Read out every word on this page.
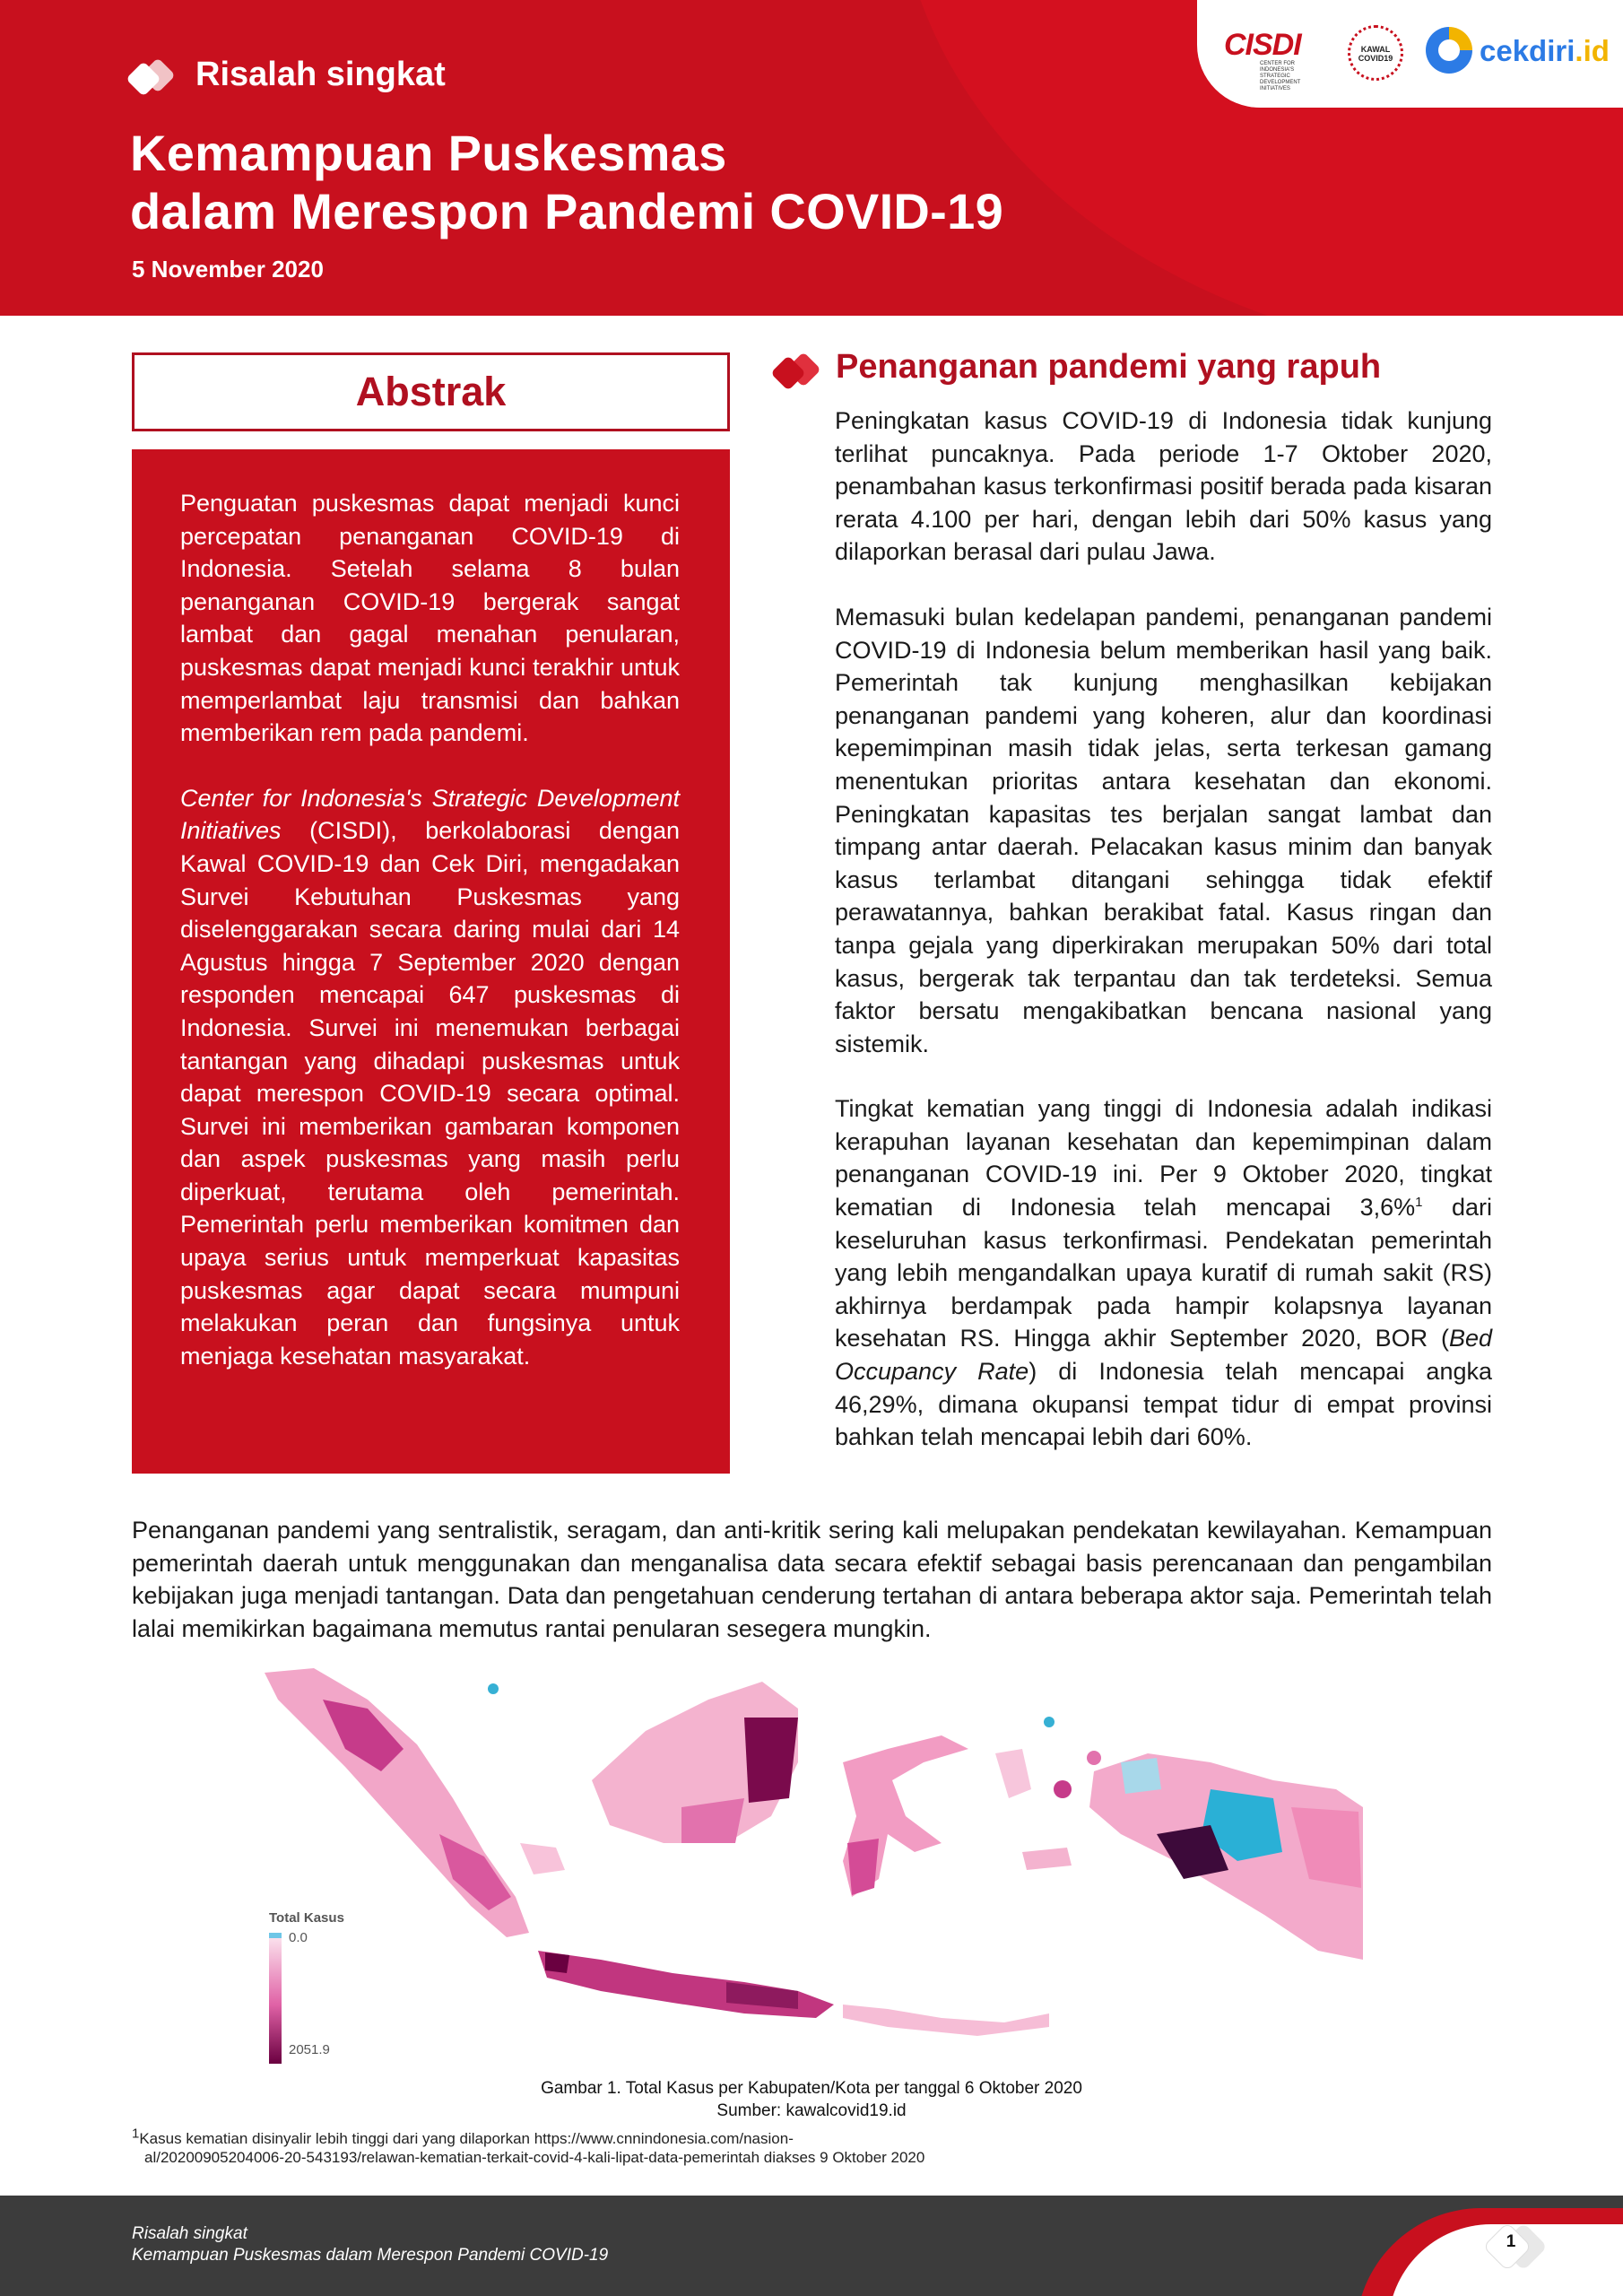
CISDI
CENTER FOR INDONESIA'S STRATEGIC DEVELOPMENT INITIATIVES
KAWAL COVID19	cekdiri.id
Risalah singkat
Kemampuan Puskesmas
dalam Merespon Pandemi COVID-19
5 November 2020
Abstrak

Penguatan puskesmas dapat menjadi kunci percepatan penanganan COVID-19 di Indonesia. Setelah selama 8 bulan penanganan COVID-19 bergerak sangat lambat dan gagal menahan penularan, puskesmas dapat menjadi kunci terakhir untuk memperlambat laju transmisi dan bahkan memberikan rem pada pandemi.

Center for Indonesia's Strategic Development Initiatives (CISDI), berkolaborasi dengan Kawal COVID-19 dan Cek Diri, mengadakan Survei Kebutuhan Puskesmas yang diselenggarakan secara daring mulai dari 14 Agustus hingga 7 September 2020 dengan responden mencapai 647 puskesmas di Indonesia. Survei ini menemukan berbagai tantangan yang dihadapi puskesmas untuk dapat merespon COVID-19 secara optimal. Survei ini memberikan gambaran komponen dan aspek puskesmas yang masih perlu diperkuat, terutama oleh pemerintah. Pemerintah perlu memberikan komitmen dan upaya serius untuk memperkuat kapasitas puskesmas agar dapat secara mumpuni melakukan peran dan fungsinya untuk menjaga kesehatan masyarakat.

Penanganan pandemi yang rapuh

Peningkatan kasus COVID-19 di Indonesia tidak kunjung terlihat puncaknya. Pada periode 1-7 Oktober 2020, penambahan kasus terkonfirmasi positif berada pada kisaran rerata 4.100 per hari, dengan lebih dari 50% kasus yang dilaporkan berasal dari pulau Jawa.

Memasuki bulan kedelapan pandemi, penanganan pandemi COVID-19 di Indonesia belum memberikan hasil yang baik. Pemerintah tak kunjung menghasilkan kebijakan penanganan pandemi yang koheren, alur dan koordinasi kepemimpinan masih tidak jelas, serta terkesan gamang menentukan prioritas antara kesehatan dan ekonomi. Peningkatan kapasitas tes berjalan sangat lambat dan timpang antar daerah. Pelacakan kasus minim dan banyak kasus terlambat ditangani sehingga tidak efektif perawatannya, bahkan berakibat fatal. Kasus ringan dan tanpa gejala yang diperkirakan merupakan 50% dari total kasus, bergerak tak terpantau dan tak terdeteksi. Semua faktor bersatu mengakibatkan bencana nasional yang sistemik.

Tingkat kematian yang tinggi di Indonesia adalah indikasi kerapuhan layanan kesehatan dan kepemimpinan dalam penanganan COVID-19 ini. Per 9 Oktober 2020, tingkat kematian di Indonesia telah mencapai 3,6%$^1$ dari keseluruhan kasus terkonfirmasi. Pendekatan pemerintah yang lebih mengandalkan upaya kuratif di rumah sakit (RS) akhirnya berdampak pada hampir kolapsnya layanan kesehatan RS. Hingga akhir September 2020, BOR (Bed Occupancy Rate) di Indonesia telah mencapai angka 46,29%, dimana okupansi tempat tidur di empat provinsi bahkan telah mencapai lebih dari 60%.

Penanganan pandemi yang sentralistik, seragam, dan anti-kritik sering kali melupakan pendekatan kewilayahan. Kemampuan pemerintah daerah untuk menggunakan dan menganalisa data secara efektif sebagai basis perencanaan dan pengambilan kebijakan juga menjadi tantangan. Data dan pengetahuan cenderung tertahan di antara beberapa aktor saja. Pemerintah telah lalai memikirkan bagaimana memutus rantai penularan sesegera mungkin.

Total Kasus
0.0
2051.9
Gambar 1. Total Kasus per Kabupaten/Kota per tanggal 6 Oktober 2020
Sumber: kawalcovid19.id
$^1$Kasus kematian disinyalir lebih tinggi dari yang dilaporkan https://www.cnnindonesia.com/nasion-
al/20200905204006-20-543193/relawan-kematian-terkait-covid-4-kali-lipat-data-pemerintah diakses 9 Oktober 2020
Risalah singkat
Kemampuan Puskesmas dalam Merespon Pandemi COVID-19
1
